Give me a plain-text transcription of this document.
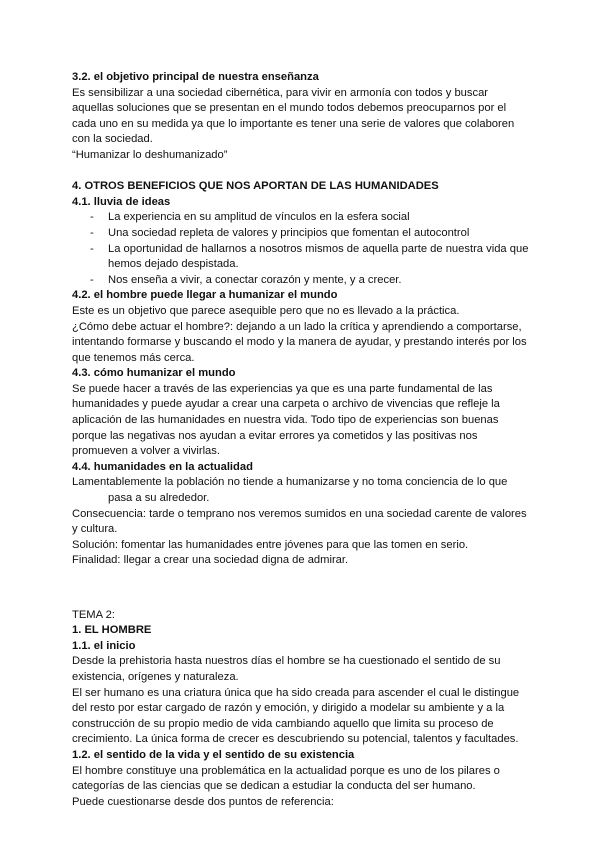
3.2. el objetivo principal de nuestra enseñanza

Es sensibilizar a una sociedad cibernética, para vivir en armonía con todos y buscar aquellas soluciones que se presentan en el mundo todos debemos preocuparnos por el cada uno en su medida ya que lo importante es tener una serie de valores que colaboren con la sociedad.

“Humanizar lo deshumanizado”

4. OTROS BENEFICIOS QUE NOS APORTAN DE LAS HUMANIDADES
4.1. lluvia de ideas
- La experiencia en su amplitud de vínculos en la esfera social
- Una sociedad repleta de valores y principios que fomentan el autocontrol
- La oportunidad de hallarnos a nosotros mismos de aquella parte de nuestra vida que
hemos dejado despistada.
- Nos enseña a vivir, a conectar corazón y mente, y a crecer.
4.2. el hombre puede llegar a humanizar el mundo

Este es un objetivo que parece asequible pero que no es llevado a la práctica.

¿Cómo debe actuar el hombre?: dejando a un lado la crítica y aprendiendo a comportarse, intentando formarse y buscando el modo y la manera de ayudar, y prestando interés por los que tenemos más cerca.

4.3. cómo humanizar el mundo

Se puede hacer a través de las experiencias ya que es una parte fundamental de las humanidades y puede ayudar a crear una carpeta o archivo de vivencias que refleje la aplicación de las humanidades en nuestra vida. Todo tipo de experiencias son buenas porque las negativas nos ayudan a evitar errores ya cometidos y las positivas nos promueven a volver a vivirlas.

4.4. humanidades en la actualidad

Lamentablemente la población no tiende a humanizarse y no toma conciencia de lo que

pasa a su alrededor.

Consecuencia: tarde o temprano nos veremos sumidos en una sociedad carente de valores y cultura.

Solución: fomentar las humanidades entre jóvenes para que las tomen en serio.

Finalidad: llegar a crear una sociedad digna de admirar.

TEMA 2:
1. EL HOMBRE
1.1. el inicio

Desde la prehistoria hasta nuestros días el hombre se ha cuestionado el sentido de su existencia, orígenes y naturaleza.

El ser humano es una criatura única que ha sido creada para ascender el cual le distingue del resto por estar cargado de razón y emoción, y dirigido a modelar su ambiente y a la construcción de su propio medio de vida cambiando aquello que limita su proceso de crecimiento. La única forma de crecer es descubriendo su potencial, talentos y facultades.

1.2. el sentido de la vida y el sentido de su existencia

El hombre constituye una problemática en la actualidad porque es uno de los pilares o categorías de las ciencias que se dedican a estudiar la conducta del ser humano.

Puede cuestionarse desde dos puntos de referencia:
